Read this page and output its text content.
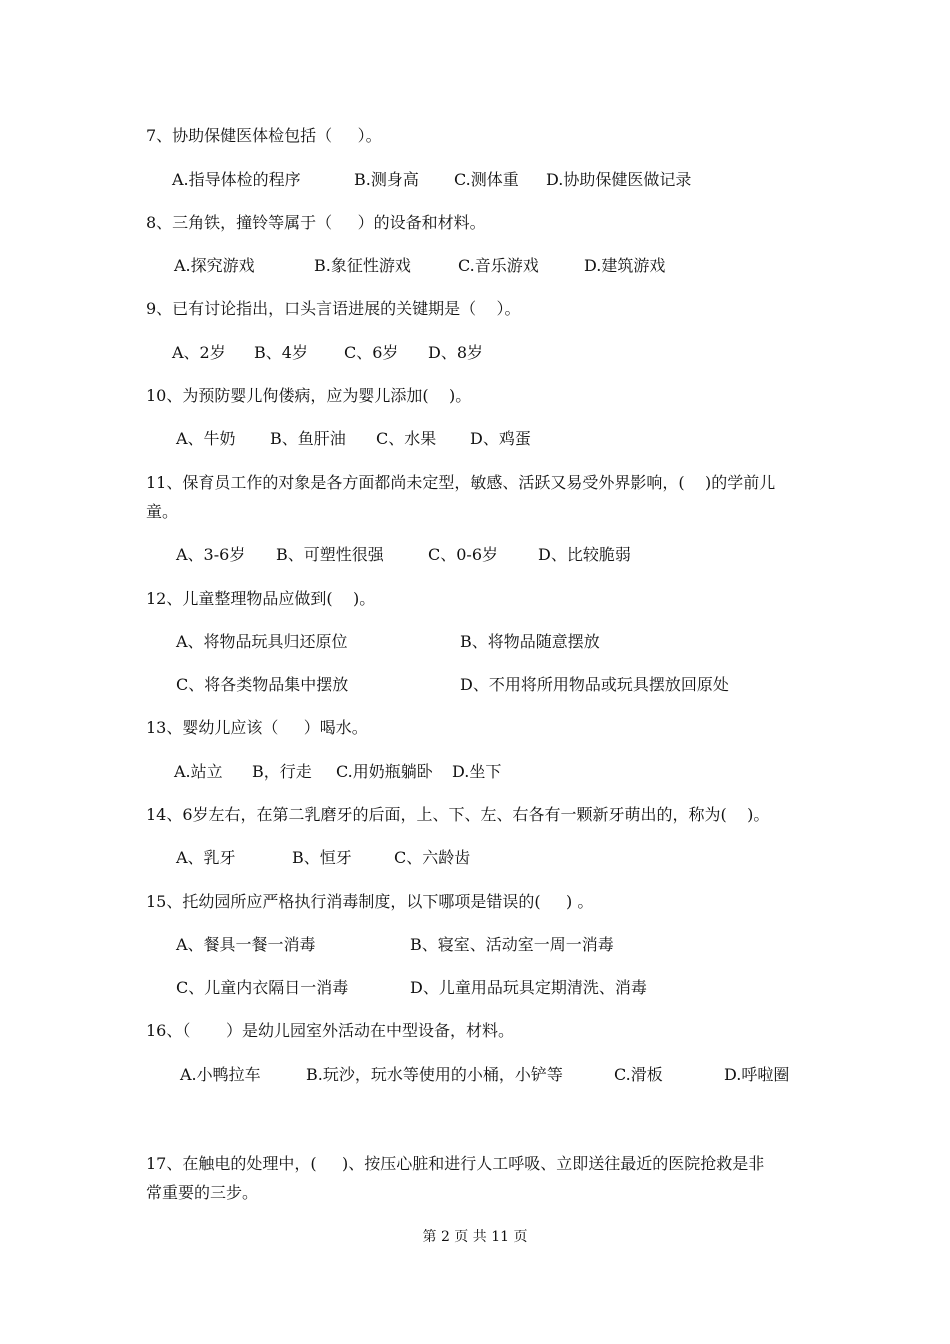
7、协助保健医体检包括（     ）。
A.指导体检的程序	B.测身高 C.测体重 D.协助保健医做记录
8、三角铁，撞铃等属于（     ）的设备和材料。
A.探究游戏	B.象征性游戏	C.音乐游戏	D.建筑游戏
9、已有讨论指出，口头言语进展的关键期是（    ）。
A、2岁 B、4岁 C、6岁 D、8岁
10、为预防婴儿佝偻病，应为婴儿添加(    )。
A、牛奶 B、鱼肝油 C、水果 D、鸡蛋
11、保育员工作的对象是各方面都尚未定型，敏感、活跃又易受外界影响，(    )的学前儿
童。
A、3-6岁 B、可塑性很强	C、0-6岁 D、比较脆弱
12、儿童整理物品应做到(    )。
A、将物品玩具归还原位	B、将物品随意摆放
C、将各类物品集中摆放	D、不用将所用物品或玩具摆放回原处
13、婴幼儿应该（     ）喝水。
A.站立 B，行走 C.用奶瓶躺卧 D.坐下
14、6岁左右，在第二乳磨牙的后面，上、下、左、右各有一颗新牙萌出的，称为(    )。
A、乳牙	B、恒牙	C、六龄齿
15、托幼园所应严格执行消毒制度，以下哪项是错误的(     ) 。
A、餐具一餐一消毒	B、寝室、活动室一周一消毒
C、儿童内衣隔日一消毒	D、儿童用品玩具定期清洗、消毒
16、（       ）是幼儿园室外活动在中型设备，材料。
A.小鸭拉车	B.玩沙，玩水等使用的小桶，小铲等	C.滑板	D.呼啦圈
17、在触电的处理中，(     )、按压心脏和进行人工呼吸、立即送往最近的医院抢救是非
常重要的三步。
第 2 页 共 11 页
